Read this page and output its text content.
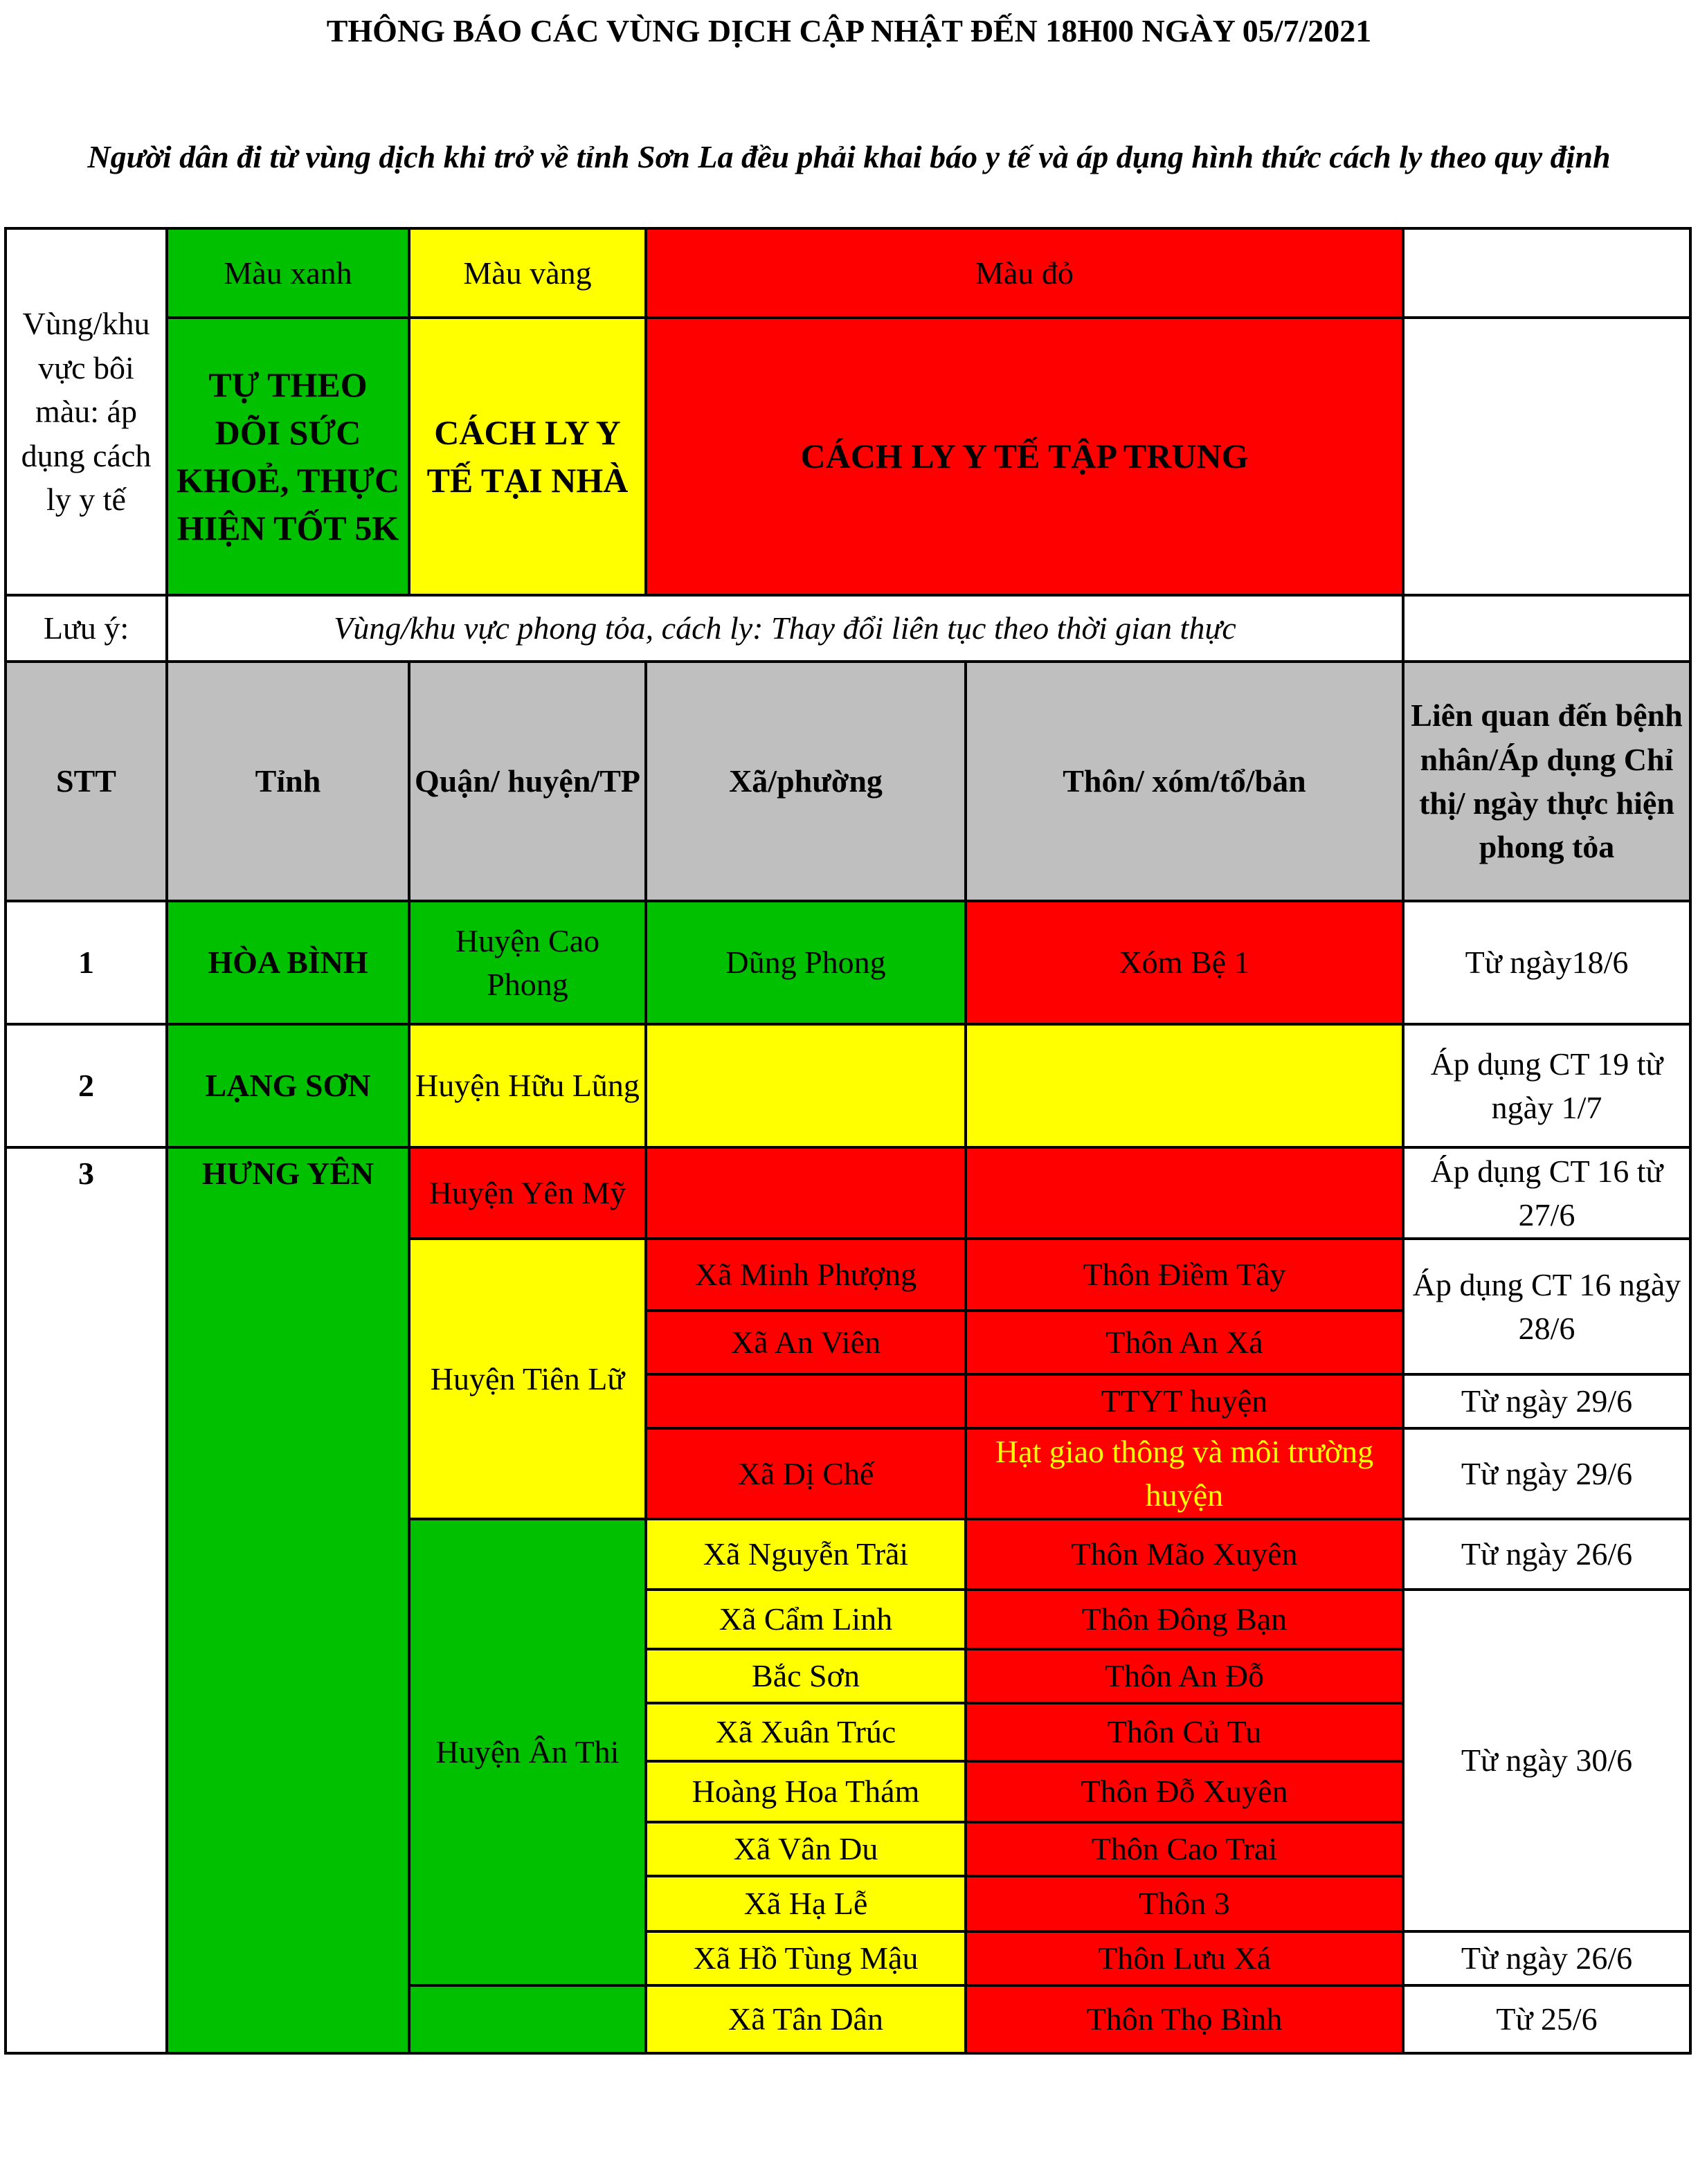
THÔNG BÁO CÁC VÙNG DỊCH CẬP NHẬT ĐẾN 18H00 NGÀY 05/7/2021
Người dân đi từ vùng dịch khi trở về tỉnh Sơn La đều phải khai báo y tế và áp dụng hình thức cách ly theo quy định
Vùng/khu vực bôi màu: áp dụng cách ly y tế	Màu xanh	Màu vàng	Màu đỏ		
	TỰ THEO DÕI SỨC KHOẺ, THỰC HIỆN TỐT 5K	CÁCH LY Y TẾ TẠI NHÀ	CÁCH LY Y TẾ TẬP TRUNG		
Lưu ý:	Vùng/khu vực phong tỏa, cách ly: Thay đổi liên tục theo thời gian thực				
STT	Tỉnh	Quận/ huyện/TP	Xã/phường	Thôn/ xóm/tổ/bản	Liên quan đến bệnh nhân/Áp dụng Chỉ thị/ ngày thực hiện phong tỏa
1	HÒA BÌNH	Huyện Cao Phong	Dũng Phong	Xóm Bệ 1	Từ ngày18/6
2	LẠNG SƠN	Huyện Hữu Lũng			Áp dụng CT 19 từ ngày 1/7
3	HƯNG YÊN	Huyện Yên Mỹ			Áp dụng CT 16 từ 27/6
		Huyện Tiên Lữ	Xã Minh Phượng	Thôn Điềm Tây	Áp dụng CT 16 ngày 28/6
			Xã An Viên	Thôn An Xá	
				TTYT huyện	Từ ngày 29/6
			Xã Dị Chế	Hạt giao thông và môi trường huyện	Từ ngày 29/6
		Huyện Ân Thi	Xã Nguyễn Trãi	Thôn Mão Xuyên	Từ ngày 26/6
			Xã Cẩm Linh	Thôn Đông Bạn	Từ ngày 30/6
			Bắc Sơn	Thôn An Đỗ	
			Xã Xuân Trúc	Thôn Củ Tu	
			Hoàng Hoa Thám	Thôn Đỗ Xuyên	
			Xã Vân Du	Thôn Cao Trai	
			Xã Hạ Lễ	Thôn 3	
			Xã Hồ Tùng Mậu	Thôn Lưu Xá	Từ ngày 26/6
			Xã Tân Dân	Thôn Thọ Bình	Từ 25/6
